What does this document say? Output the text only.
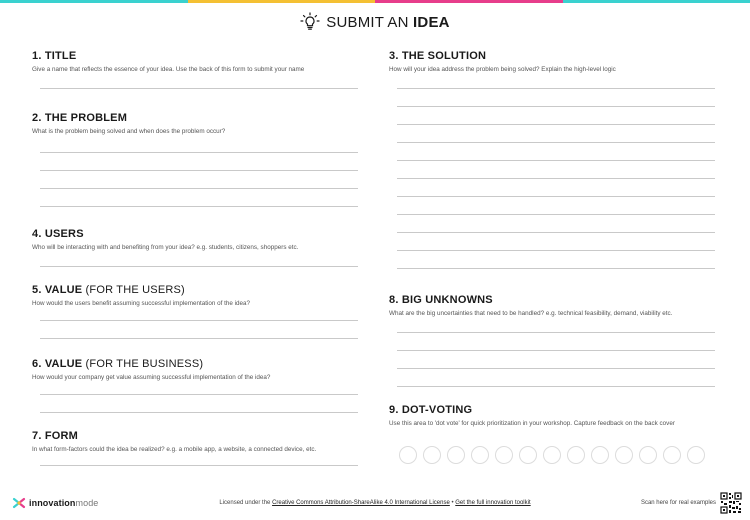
SUBMIT AN IDEA
1. TITLE

Give a name that reflects the essence of your idea. Use the back of this form to submit your name

2. THE PROBLEM

What is the problem being solved and when does the problem occur?

4. USERS

Who will be interacting with and benefiting from your idea? e.g. students, citizens, shoppers etc.

5. VALUE (FOR THE USERS)

How would the users benefit assuming successful implementation of the idea?

6. VALUE (FOR THE BUSINESS)

How would your company get value assuming successful implementation of the idea?

7. FORM

In what form-factors could the idea be realized? e.g. a mobile app, a website, a connected device, etc.

3. THE SOLUTION

How will your idea address the problem being solved? Explain the high-level logic

8. BIG UNKNOWNS

What are the big uncertainties that need to be handled? e.g. technical feasibility, demand, viability etc.

9. DOT-VOTING

Use this area to 'dot vote' for quick prioritization in your workshop. Capture feedback on the back cover

innovationmode	Licensed under the Creative Commons Attribution-ShareAlike 4.0 International License • Get the full innovation toolkit	Scan here for real examples
